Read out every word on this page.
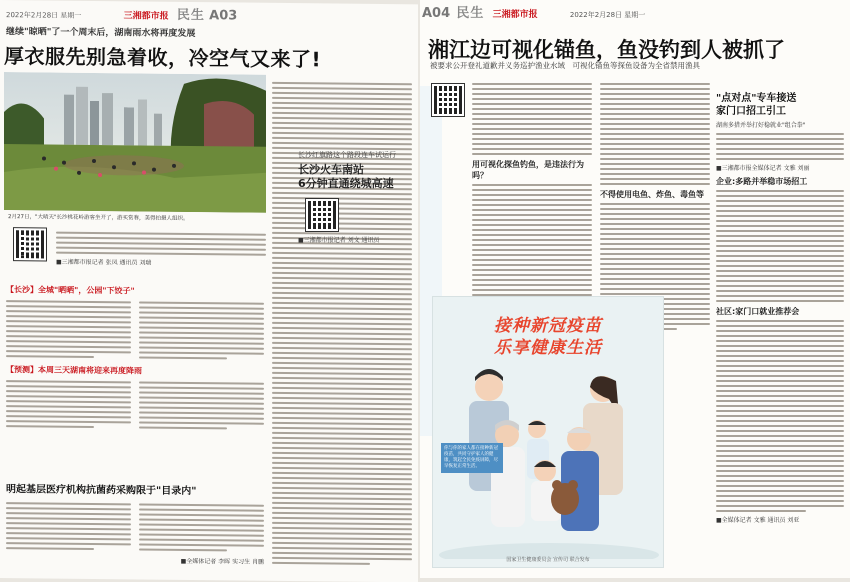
2022年2月28日 星期一	三湘都市报 民生 A03
继续"晾晒"了一个周末后，湖南雨水将再度发展
厚衣服先别急着收，冷空气又来了!
2月27日，"大晴天"长沙桃花岭游客坐开了，游买赏春，美得拍摄人组织。
■三湘都市报记者 张凤 通讯员 刘瑞
【长沙】全城"晒晒"，公园"下饺子"
【预测】本周三天湖南将迎来再度降雨
明起基层医疗机构抗菌药采购限于"目录内"
■全媒体记者 李晖 实习生 肖鹏
A04 民生 三湘都市报	2022年2月28日 星期一
湘江边可视化锚鱼，鱼没钓到人被抓了
被要求公开登礼道歉并义务巡护渔业水域　可视化锚鱼等探鱼设备为全省禁用渔具
用可视化探鱼钓鱼，是违法行为吗？
不得使用电鱼、炸鱼、毒鱼等
接种新冠疫苗
乐享健康生活
你与你的家人都在接种新冠疫苗，共同守护家人的健康，筑起全民免疫屏障，尽早恢复正常生活。
国家卫生健康委员会 宣传司 联合发布
"点对点"专车接送
家门口招工引工
湖南多措并举打好稳就业"组合拳"
■三湘都市报全媒体记者 文雅 刘丽
企业:多路并举稳市场招工
社区:家门口就业推荐会
■全媒体记者 文雅 通讯员 刘亚
长沙红旗路这个路段连车试运行
长沙火车南站
6分钟直通绕城高速
■三湘都市报记者 刘文 通讯员
